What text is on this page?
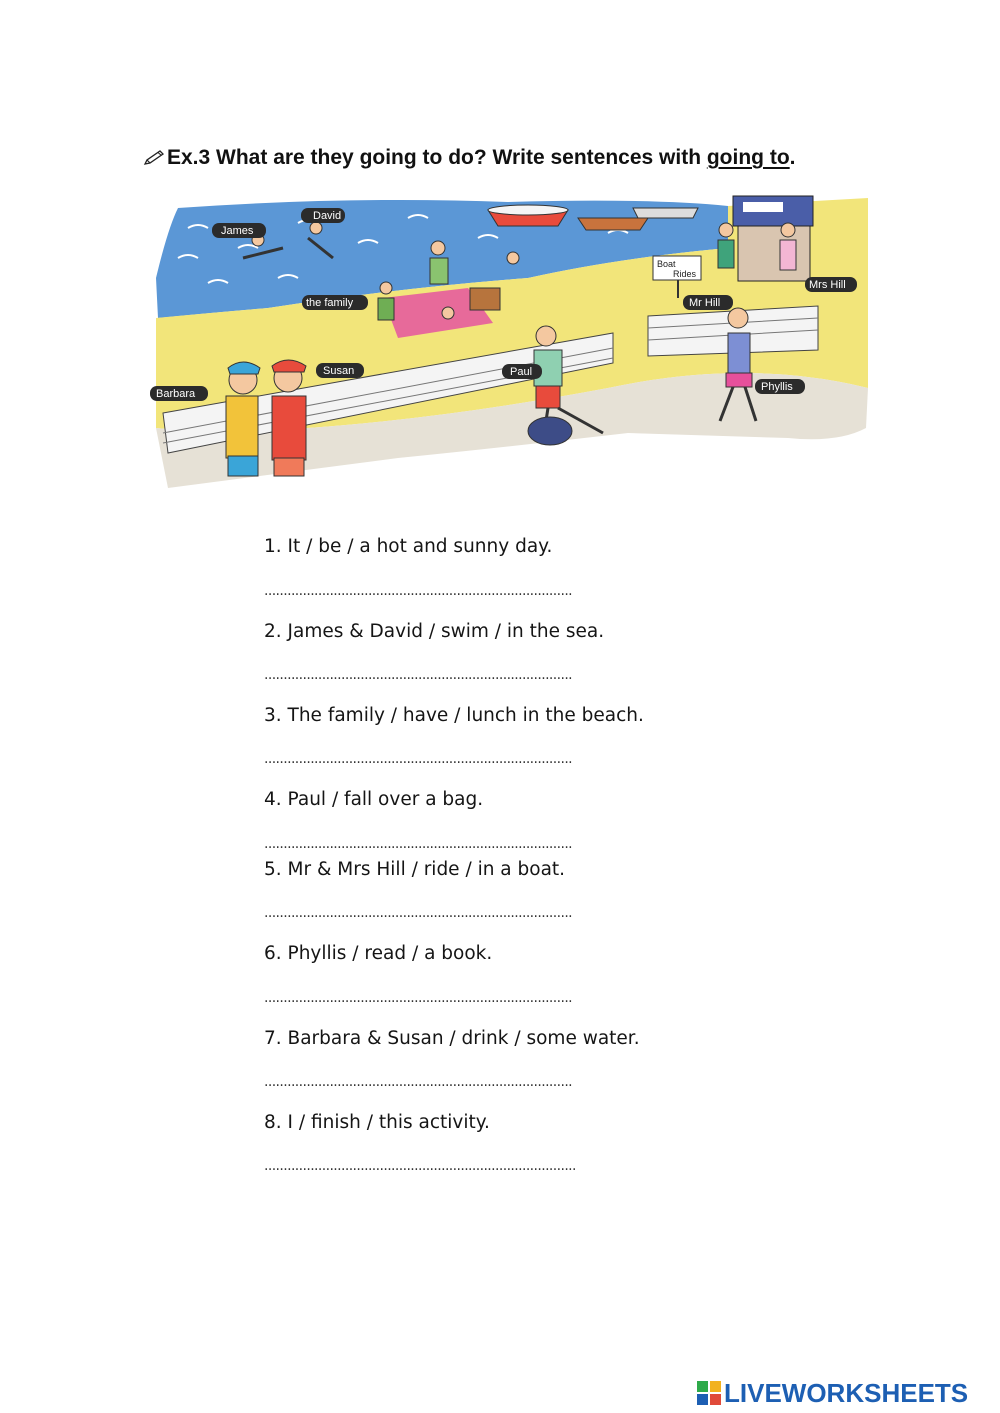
Ex.3 What are they going to do? Write sentences with going to.
Boat
Rides
David
James
the family	Mr Hill
Mrs Hill
Susan
Barbara
Paul
Phyllis
1. It / be / a hot and sunny day.
................................................................................
2. James & David / swim / in the sea.
................................................................................
3. The family / have / lunch in the beach.
................................................................................
4. Paul / fall over a bag.
................................................................................
5. Mr & Mrs Hill / ride / in a boat.
................................................................................
6. Phyllis / read / a book.
................................................................................
7. Barbara & Susan / drink / some water.
................................................................................
8. I / finish / this activity.
.................................................................................
LIVEWORKSHEETS
